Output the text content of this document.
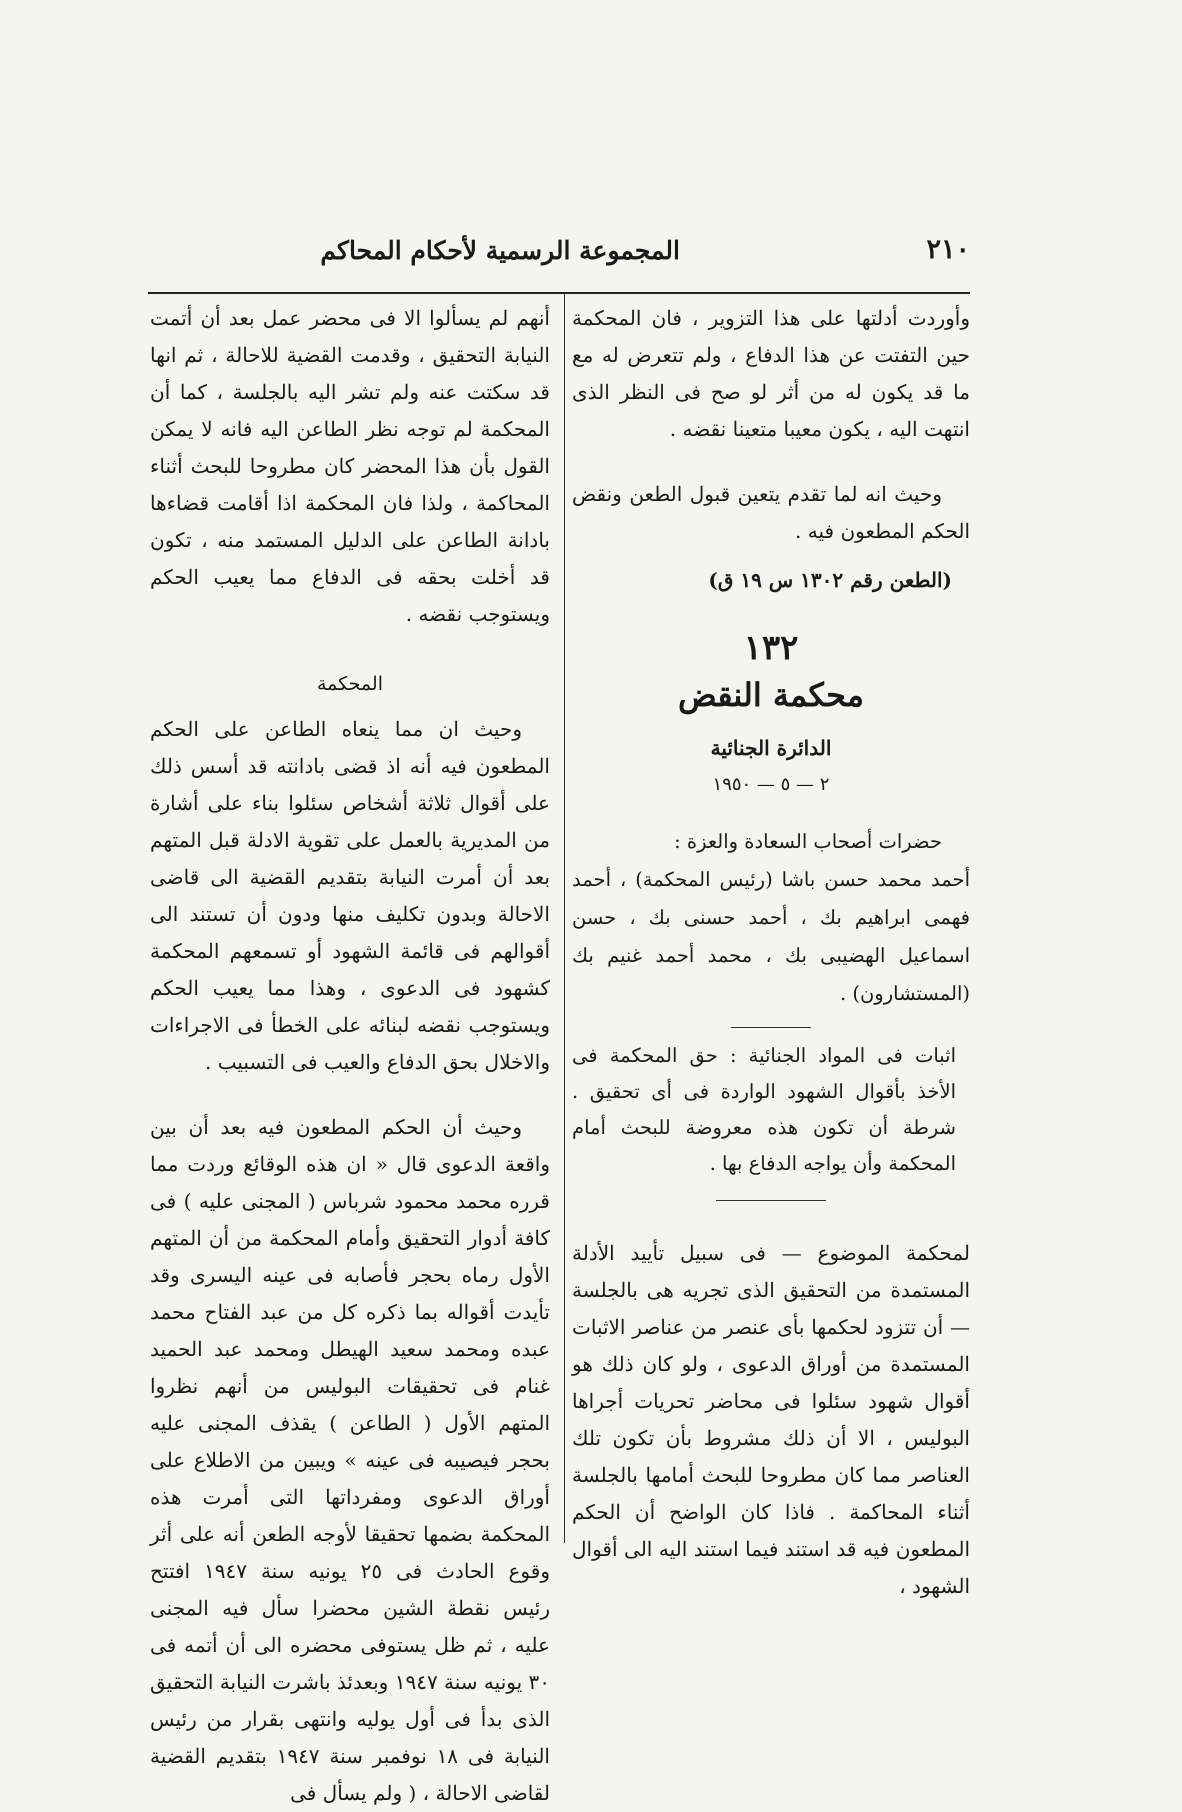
٢١٠
المجموعة الرسمية لأحكام المحاكم

وأوردت أدلتها على هذا التزوير ، فان المحكمة حين التفتت عن هذا الدفاع ، ولم تتعرض له مع ما قد يكون له من أثر لو صح فى النظر الذى انتهت اليه ، يكون معيبا متعينا نقضه .

وحيث انه لما تقدم يتعين قبول الطعن ونقض الحكم المطعون فيه .

(الطعن رقم ١٣٠٢ س ١٩ ق)
١٣٢
محكمة النقض
الدائرة الجنائية
٢ — ٥ — ١٩٥٠

حضرات أصحاب السعادة والعزة :

أحمد محمد حسن باشا (رئيس المحكمة) ، أحمد فهمى ابراهيم بك ، أحمد حسنى بك ، حسن اسماعيل الهضيبى بك ، محمد أحمد غنيم بك (المستشارون) .

اثبات فى المواد الجنائية : حق المحكمة فى الأخذ بأقوال الشهود الواردة فى أى تحقيق . شرطة أن تكون هذه معروضة للبحث أمام المحكمة وأن يواجه الدفاع بها .

لمحكمة الموضوع — فى سبيل تأييد الأدلة المستمدة من التحقيق الذى تجريه هى بالجلسة — أن تتزود لحكمها بأى عنصر من عناصر الاثبات المستمدة من أوراق الدعوى ، ولو كان ذلك هو أقوال شهود سئلوا فى محاضر تحريات أجراها البوليس ، الا أن ذلك مشروط بأن تكون تلك العناصر مما كان مطروحا للبحث أمامها بالجلسة أثناء المحاكمة . فاذا كان الواضح أن الحكم المطعون فيه قد استند فيما استند اليه الى أقوال الشهود ،

أنهم لم يسألوا الا فى محضر عمل بعد أن أتمت النيابة التحقيق ، وقدمت القضية للاحالة ، ثم انها قد سكتت عنه ولم تشر اليه بالجلسة ، كما أن المحكمة لم توجه نظر الطاعن اليه فانه لا يمكن القول بأن هذا المحضر كان مطروحا للبحث أثناء المحاكمة ، ولذا فان المحكمة اذا أقامت قضاءها بادانة الطاعن على الدليل المستمد منه ، تكون قد أخلت بحقه فى الدفاع مما يعيب الحكم ويستوجب نقضه .

المحكمة

وحيث ان مما ينعاه الطاعن على الحكم المطعون فيه أنه اذ قضى بادانته قد أسس ذلك على أقوال ثلاثة أشخاص سئلوا بناء على أشارة من المديرية بالعمل على تقوية الادلة قبل المتهم بعد أن أمرت النيابة بتقديم القضية الى قاضى الاحالة وبدون تكليف منها ودون أن تستند الى أقوالهم فى قائمة الشهود أو تسمعهم المحكمة كشهود فى الدعوى ، وهذا مما يعيب الحكم ويستوجب نقضه لبنائه على الخطأ فى الاجراءات والاخلال بحق الدفاع والعيب فى التسبيب .

وحيث أن الحكم المطعون فيه بعد أن بين واقعة الدعوى قال « ان هذه الوقائع وردت مما قرره محمد محمود شرباس ( المجنى عليه ) فى كافة أدوار التحقيق وأمام المحكمة من أن المتهم الأول رماه بحجر فأصابه فى عينه اليسرى وقد تأيدت أقواله بما ذكره كل من عبد الفتاح محمد عبده ومحمد سعيد الهيطل ومحمد عبد الحميد غنام فى تحقيقات البوليس من أنهم نظروا المتهم الأول ( الطاعن ) يقذف المجنى عليه بحجر فيصيبه فى عينه » ويبين من الاطلاع على أوراق الدعوى ومفرداتها التى أمرت هذه المحكمة بضمها تحقيقا لأوجه الطعن أنه على أثر وقوع الحادث فى ٢٥ يونيه سنة ١٩٤٧ افتتح رئيس نقطة الشين محضرا سأل فيه المجنى عليه ، ثم ظل يستوفى محضره الى أن أتمه فى ٣٠ يونيه سنة ١٩٤٧ وبعدئذ باشرت النيابة التحقيق الذى بدأ فى أول يوليه وانتهى بقرار من رئيس النيابة فى ١٨ نوفمبر سنة ١٩٤٧ بتقديم القضية لقاضى الاحالة ، ( ولم يسأل فى
